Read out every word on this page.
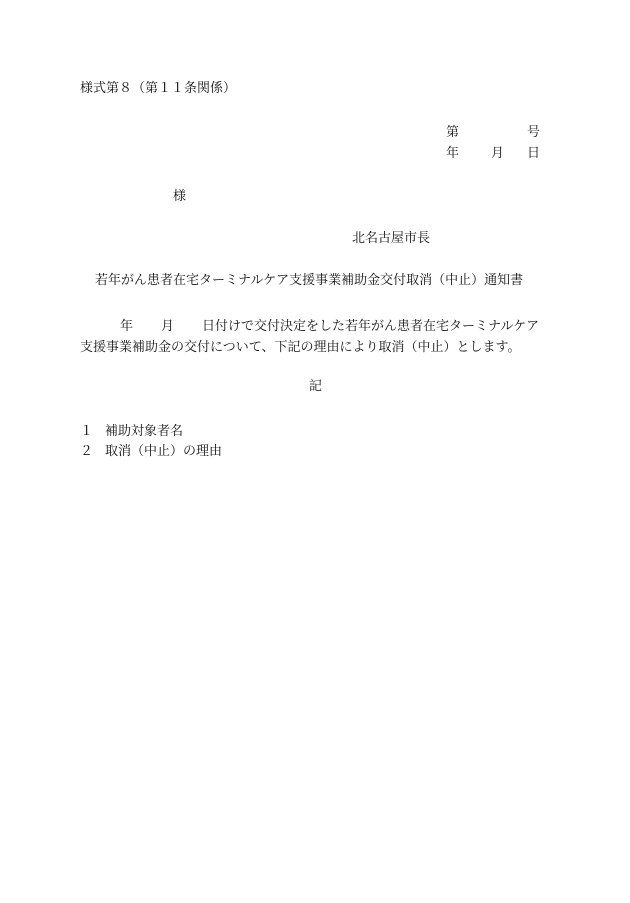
様式第８（第１１条関係）
第	号
年 月 日
様
北名古屋市長
若年がん患者在宅ターミナルケア支援事業補助金交付取消（中止）通知書
年 月 日付けで交付決定をした若年がん患者在宅ターミナルケア
支援事業補助金の交付について、下記の理由により取消（中止）とします。
記
１ 補助対象者名
２ 取消（中止）の理由
